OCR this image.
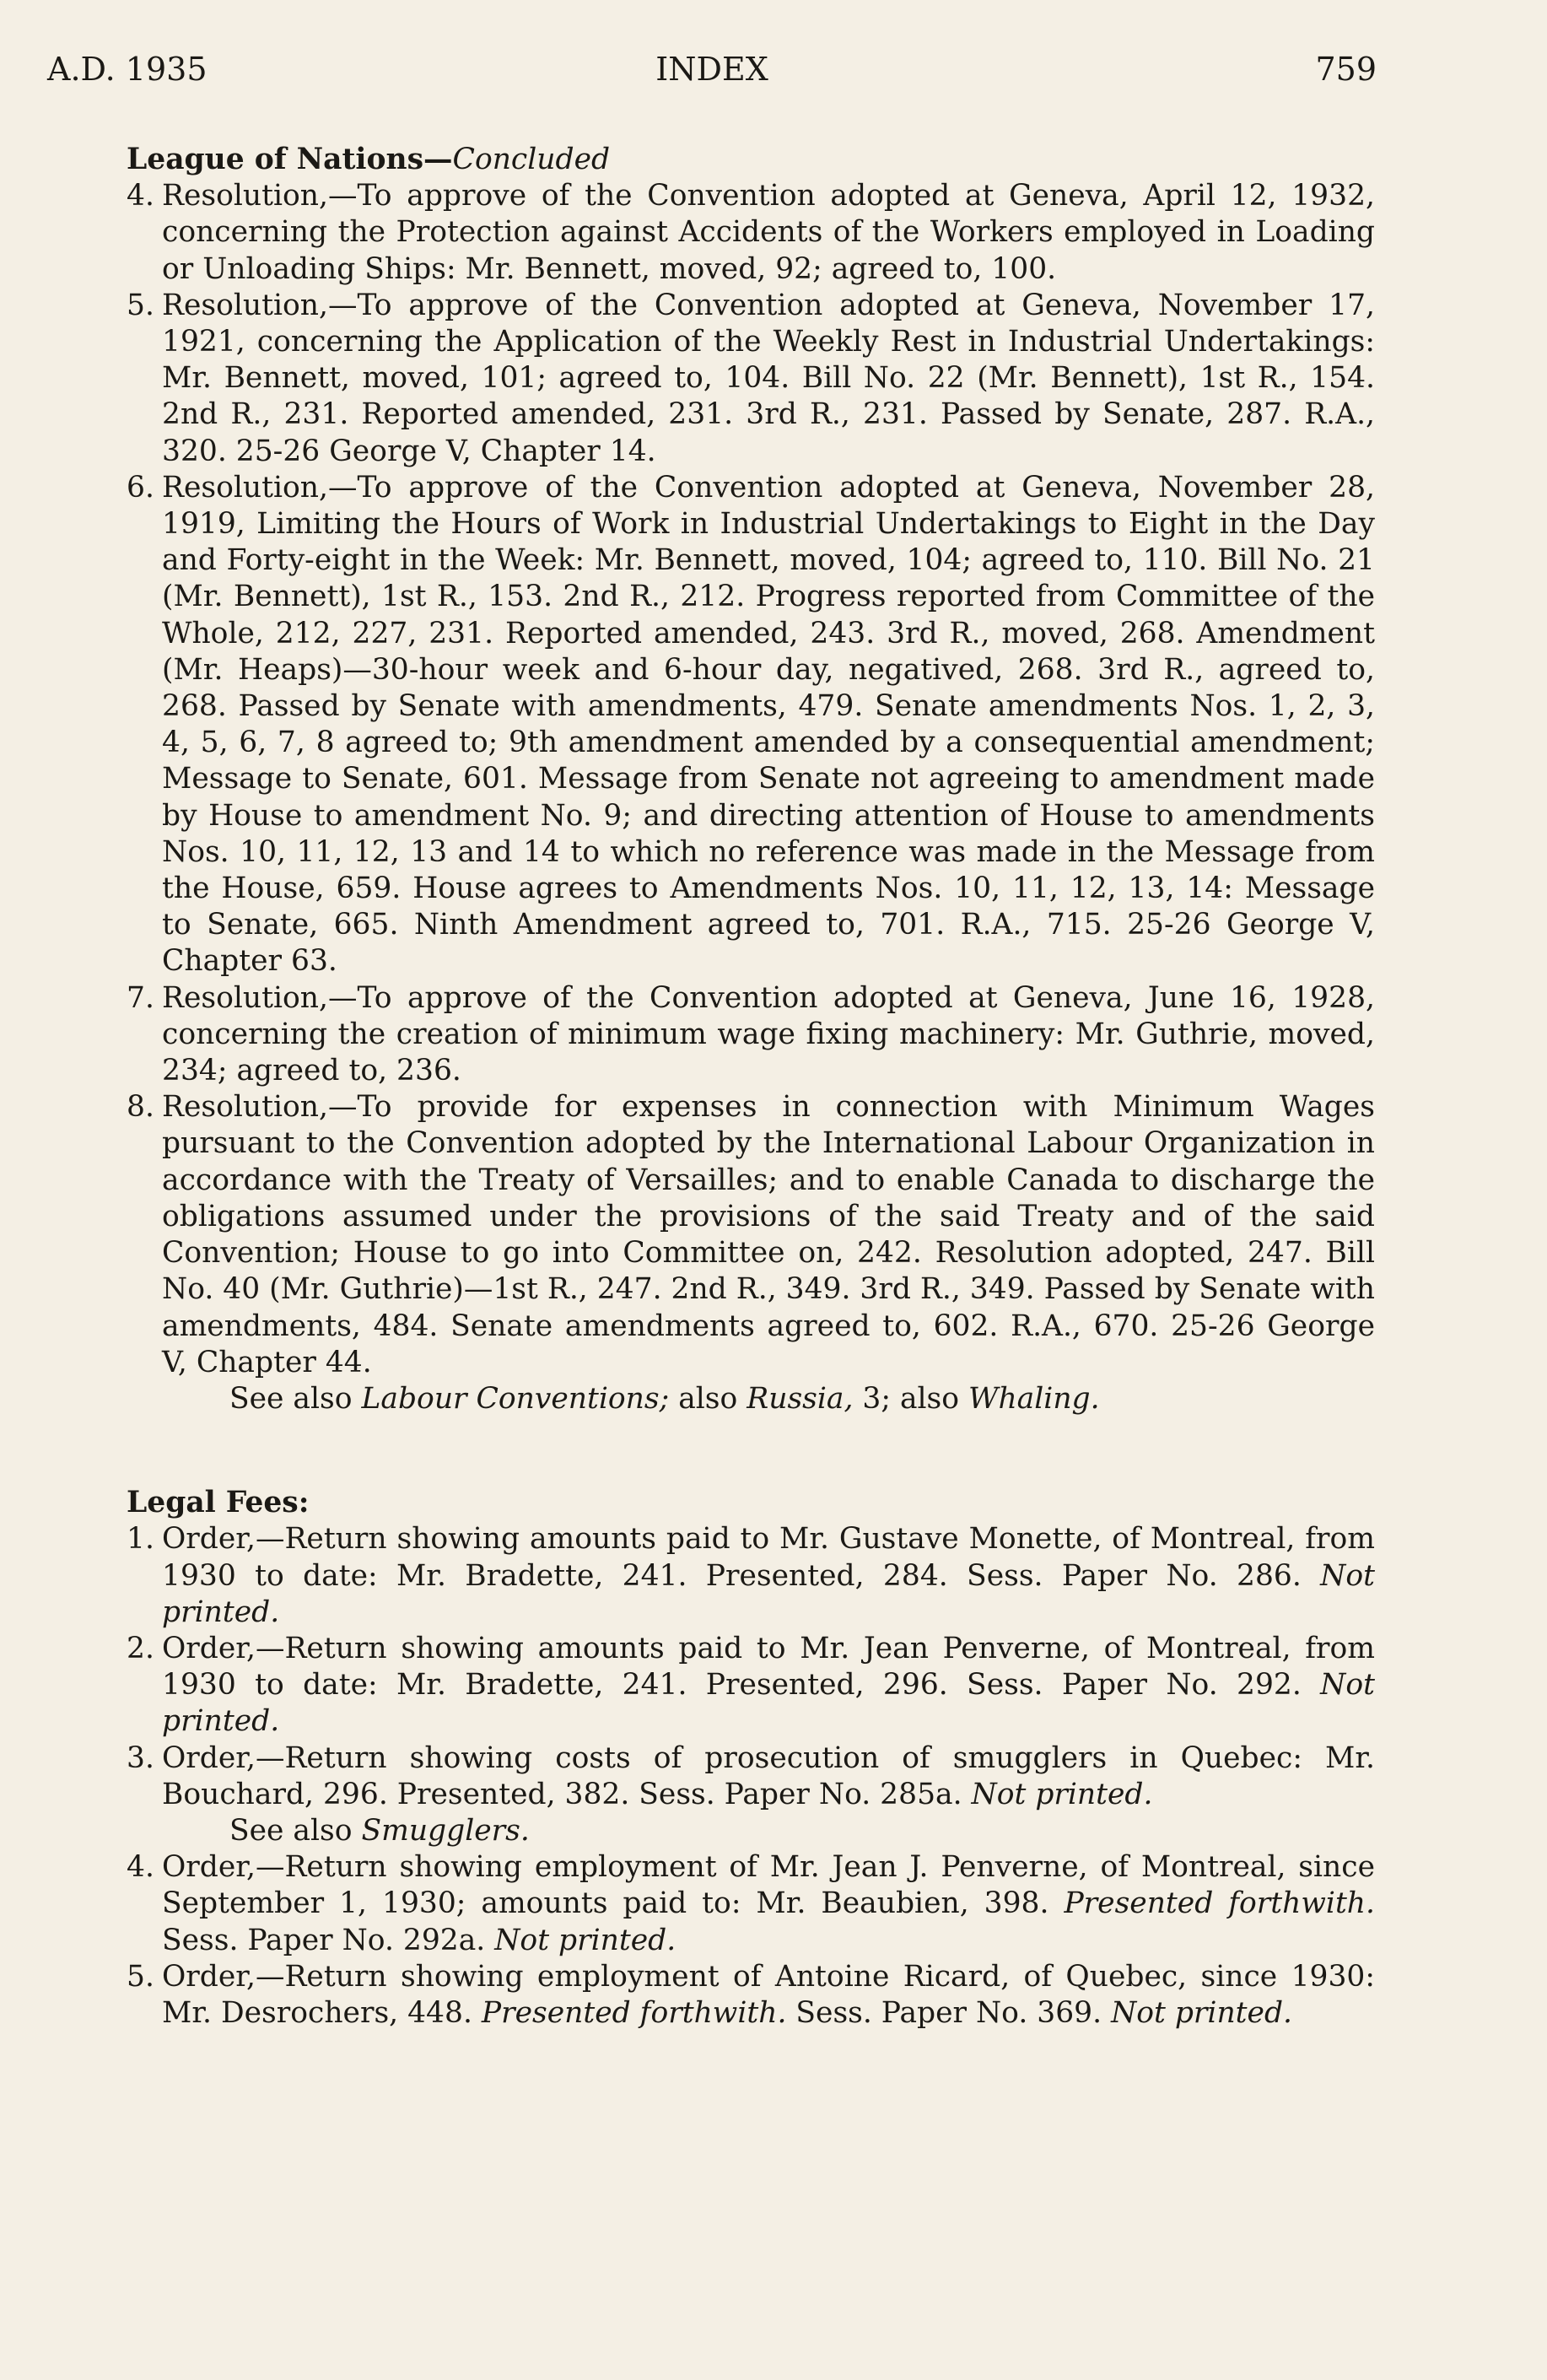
A.D. 1935	INDEX	759
League of Nations—Concluded
4. Resolution,—To approve of the Convention adopted at Geneva, April 12, 1932, concerning the Protection against Accidents of the Workers employed in Loading or Unloading Ships: Mr. Bennett, moved, 92; agreed to, 100.
5. Resolution,—To approve of the Convention adopted at Geneva, November 17, 1921, concerning the Application of the Weekly Rest in Industrial Undertakings: Mr. Bennett, moved, 101; agreed to, 104. Bill No. 22 (Mr. Bennett), 1st R., 154. 2nd R., 231. Reported amended, 231. 3rd R., 231. Passed by Senate, 287. R.A., 320. 25-26 George V, Chapter 14.
6. Resolution,—To approve of the Convention adopted at Geneva, November 28, 1919, Limiting the Hours of Work in Industrial Undertakings to Eight in the Day and Forty-eight in the Week: Mr. Bennett, moved, 104; agreed to, 110. Bill No. 21 (Mr. Bennett), 1st R., 153. 2nd R., 212. Progress reported from Committee of the Whole, 212, 227, 231. Reported amended, 243. 3rd R., moved, 268. Amendment (Mr. Heaps)—30-hour week and 6-hour day, negatived, 268. 3rd R., agreed to, 268. Passed by Senate with amendments, 479. Senate amendments Nos. 1, 2, 3, 4, 5, 6, 7, 8 agreed to; 9th amendment amended by a consequential amendment; Message to Senate, 601. Message from Senate not agreeing to amendment made by House to amendment No. 9; and directing attention of House to amendments Nos. 10, 11, 12, 13 and 14 to which no reference was made in the Message from the House, 659. House agrees to Amendments Nos. 10, 11, 12, 13, 14: Message to Senate, 665. Ninth Amendment agreed to, 701. R.A., 715. 25-26 George V, Chapter 63.
7. Resolution,—To approve of the Convention adopted at Geneva, June 16, 1928, concerning the creation of minimum wage fixing machinery: Mr. Guthrie, moved, 234; agreed to, 236.
8. Resolution,—To provide for expenses in connection with Minimum Wages pursuant to the Convention adopted by the International Labour Organization in accordance with the Treaty of Versailles; and to enable Canada to discharge the obligations assumed under the provisions of the said Treaty and of the said Convention; House to go into Committee on, 242. Resolution adopted, 247. Bill No. 40 (Mr. Guthrie)—1st R., 247. 2nd R., 349. 3rd R., 349. Passed by Senate with amendments, 484. Senate amendments agreed to, 602. R.A., 670. 25-26 George V, Chapter 44.
See also Labour Conventions; also Russia, 3; also Whaling.
Legal Fees:
1. Order,—Return showing amounts paid to Mr. Gustave Monette, of Montreal, from 1930 to date: Mr. Bradette, 241. Presented, 284. Sess. Paper No. 286. Not printed.
2. Order,—Return showing amounts paid to Mr. Jean Penverne, of Montreal, from 1930 to date: Mr. Bradette, 241. Presented, 296. Sess. Paper No. 292. Not printed.
3. Order,—Return showing costs of prosecution of smugglers in Quebec: Mr. Bouchard, 296. Presented, 382. Sess. Paper No. 285a. Not printed.
See also Smugglers.
4. Order,—Return showing employment of Mr. Jean J. Penverne, of Montreal, since September 1, 1930; amounts paid to: Mr. Beaubien, 398. Presented forthwith. Sess. Paper No. 292a. Not printed.
5. Order,—Return showing employment of Antoine Ricard, of Quebec, since 1930: Mr. Desrochers, 448. Presented forthwith. Sess. Paper No. 369. Not printed.
